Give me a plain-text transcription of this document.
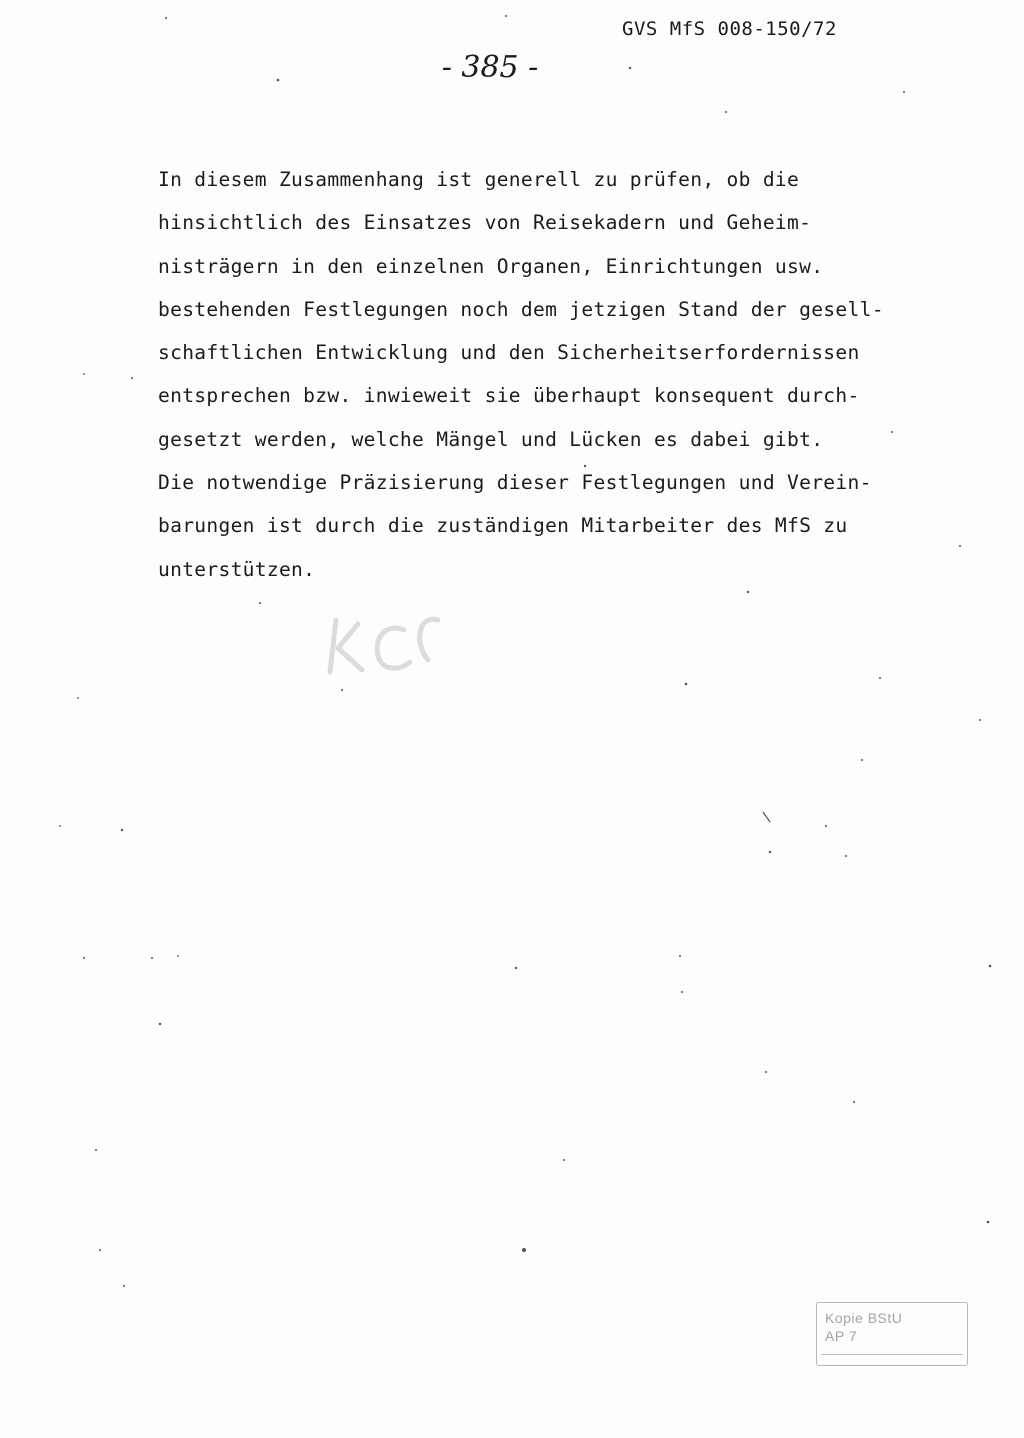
GVS MfS 008-150/72
- 385 -
In diesem Zusammenhang ist generell zu prüfen, ob die
hinsichtlich des Einsatzes von Reisekadern und Geheim-
nisträgern in den einzelnen Organen, Einrichtungen usw.
bestehenden Festlegungen noch dem jetzigen Stand der gesell-
schaftlichen Entwicklung und den Sicherheitserfordernissen
entsprechen bzw. inwieweit sie überhaupt konsequent durch-
gesetzt werden, welche Mängel und Lücken es dabei gibt.
Die notwendige Präzisierung dieser Festlegungen und Verein-
barungen ist durch die zuständigen Mitarbeiter des MfS zu
unterstützen.
Kopie BStU
AP 7
